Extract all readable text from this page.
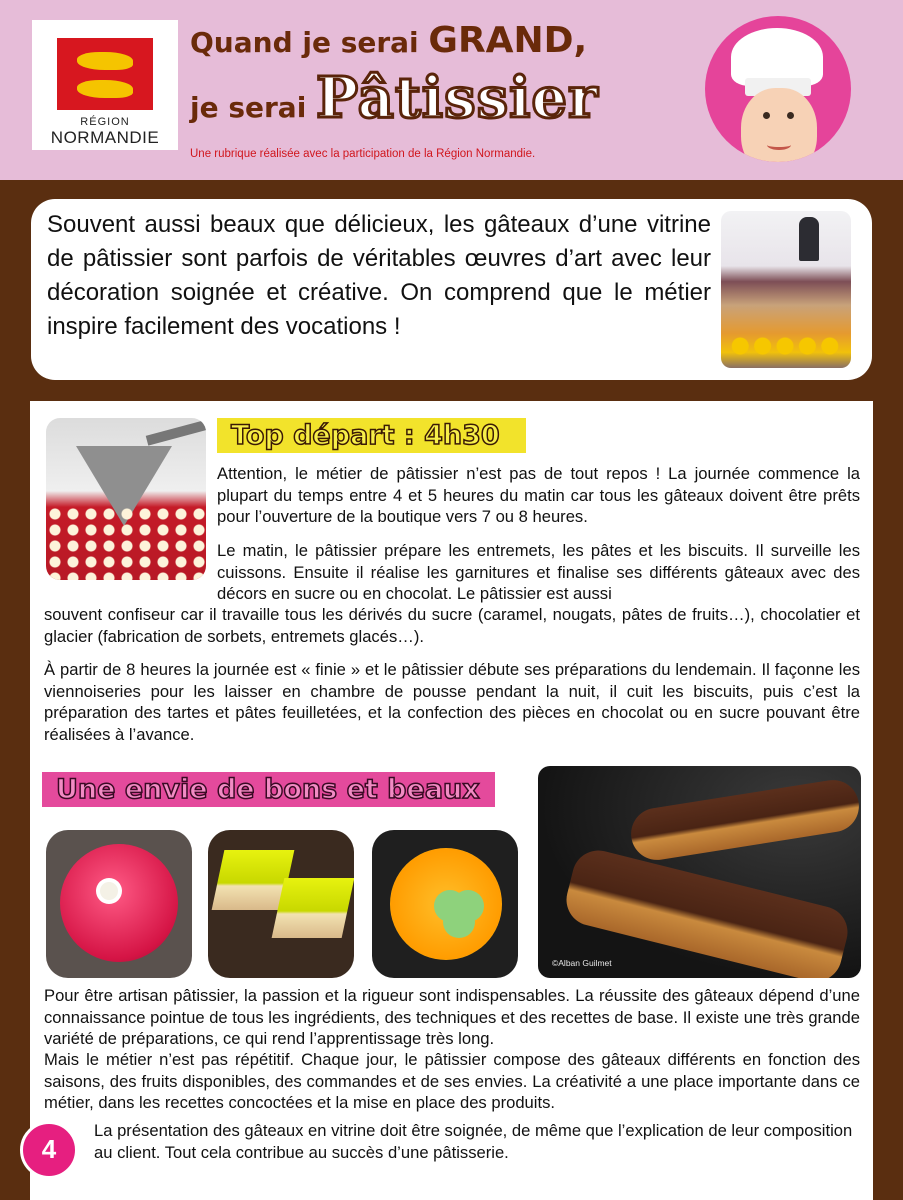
RÉGION
NORMANDIE
Quand je serai GRAND,
je serai Pâtissier
Une rubrique réalisée avec la participation de la Région Normandie.

Souvent aussi beaux que délicieux, les gâteaux d’une vitrine de pâtissier sont parfois de véritables œuvres d’art avec leur décoration soignée et créative. On comprend que le métier inspire facilement des vocations !

Top départ : 4h30

Attention, le métier de pâtissier n’est pas de tout repos ! La journée commence la plupart du temps entre 4 et 5 heures du matin car tous les gâteaux doivent être prêts pour l’ouverture de la boutique vers 7 ou 8 heures.

Le matin, le pâtissier prépare les entremets, les pâtes et les biscuits. Il surveille les cuissons. Ensuite il réalise les garnitures et finalise ses différents gâteaux avec des décors en sucre ou en chocolat. Le pâtissier est aussi

souvent confiseur car il travaille tous les dérivés du sucre (caramel, nougats, pâtes de fruits…), chocolatier et glacier (fabrication de sorbets, entremets glacés…).

À partir de 8 heures la journée est « finie » et le pâtissier débute ses préparations du lendemain. Il façonne les viennoiseries pour les laisser en chambre de pousse pendant la nuit, il cuit les biscuits, puis c’est la préparation des tartes et pâtes feuilletées, et la confection des pièces en chocolat ou en sucre pouvant être réalisées à l’avance.

Une envie de bons et beaux
©Alban Guilmet

Pour être artisan pâtissier, la passion et la rigueur sont indispensables. La réussite des gâteaux dépend d’une connaissance pointue de tous les ingrédients, des techniques et des recettes de base. Il existe une très grande variété de préparations, ce qui rend l’apprentissage très long.

Mais le métier n’est pas répétitif. Chaque jour, le pâtissier compose des gâteaux différents en fonction des saisons, des fruits disponibles, des commandes et de ses envies. La créativité a une place importante dans ce métier, dans les recettes concoctées et la mise en place des produits.

La présentation des gâteaux en vitrine doit être soignée, de même que l’explication de leur composition au client. Tout cela contribue au succès d’une pâtisserie.

4
